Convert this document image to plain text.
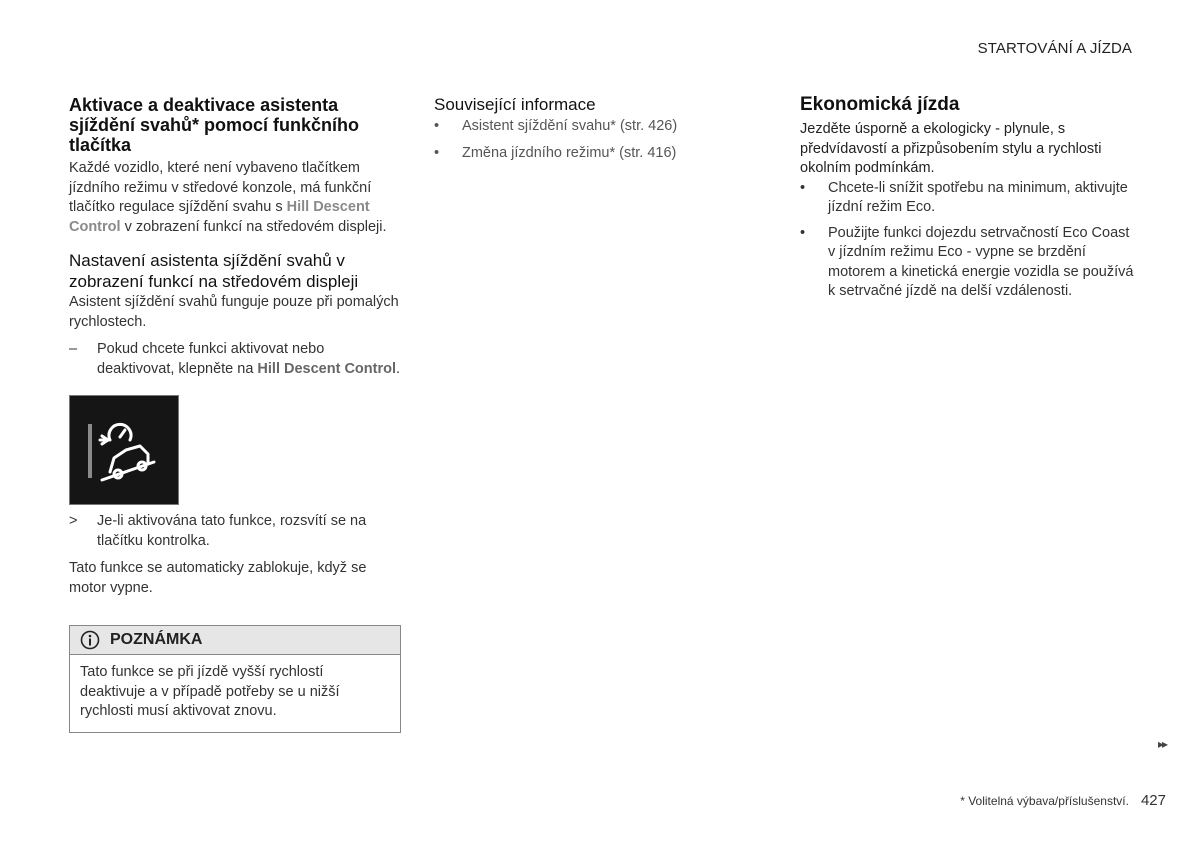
STARTOVÁNÍ A JÍZDA
Aktivace a deaktivace asistenta sjíždění svahů* pomocí funkčního tlačítka

Každé vozidlo, které není vybaveno tlačítkem jízdního režimu v středové konzole, má funkční tlačítko regulace sjíždění svahu s Hill Descent Control v zobrazení funkcí na středovém displeji.

Nastavení asistenta sjíždění svahů v zobrazení funkcí na středovém displeji

Asistent sjíždění svahů funguje pouze při pomalých rychlostech.

– Pokud chcete funkci aktivovat nebo deaktivovat, klepněte na Hill Descent Control.
> Je-li aktivována tato funkce, rozsvítí se na tlačítku kontrolka.

Tato funkce se automaticky zablokuje, když se motor vypne.

POZNÁMKA
Tato funkce se při jízdě vyšší rychlostí deaktivuje a v případě potřeby se u nižší rychlosti musí aktivovat znovu.
Související informace
• Asistent sjíždění svahu* (str. 426)
• Změna jízdního režimu* (str. 416)
Ekonomická jízda

Jezděte úsporně a ekologicky - plynule, s předvídavostí a přizpůsobením stylu a rychlosti okolním podmínkám.

• Chcete-li snížit spotřebu na minimum, aktivujte jízdní režim Eco.
• Použijte funkci dojezdu setrvačností Eco Coast v jízdním režimu Eco - vypne se brzdění motorem a kinetická energie vozidla se používá k setrvačné jízdě na delší vzdálenosti.
▸▸
* Volitelná výbava/příslušenství. 427
